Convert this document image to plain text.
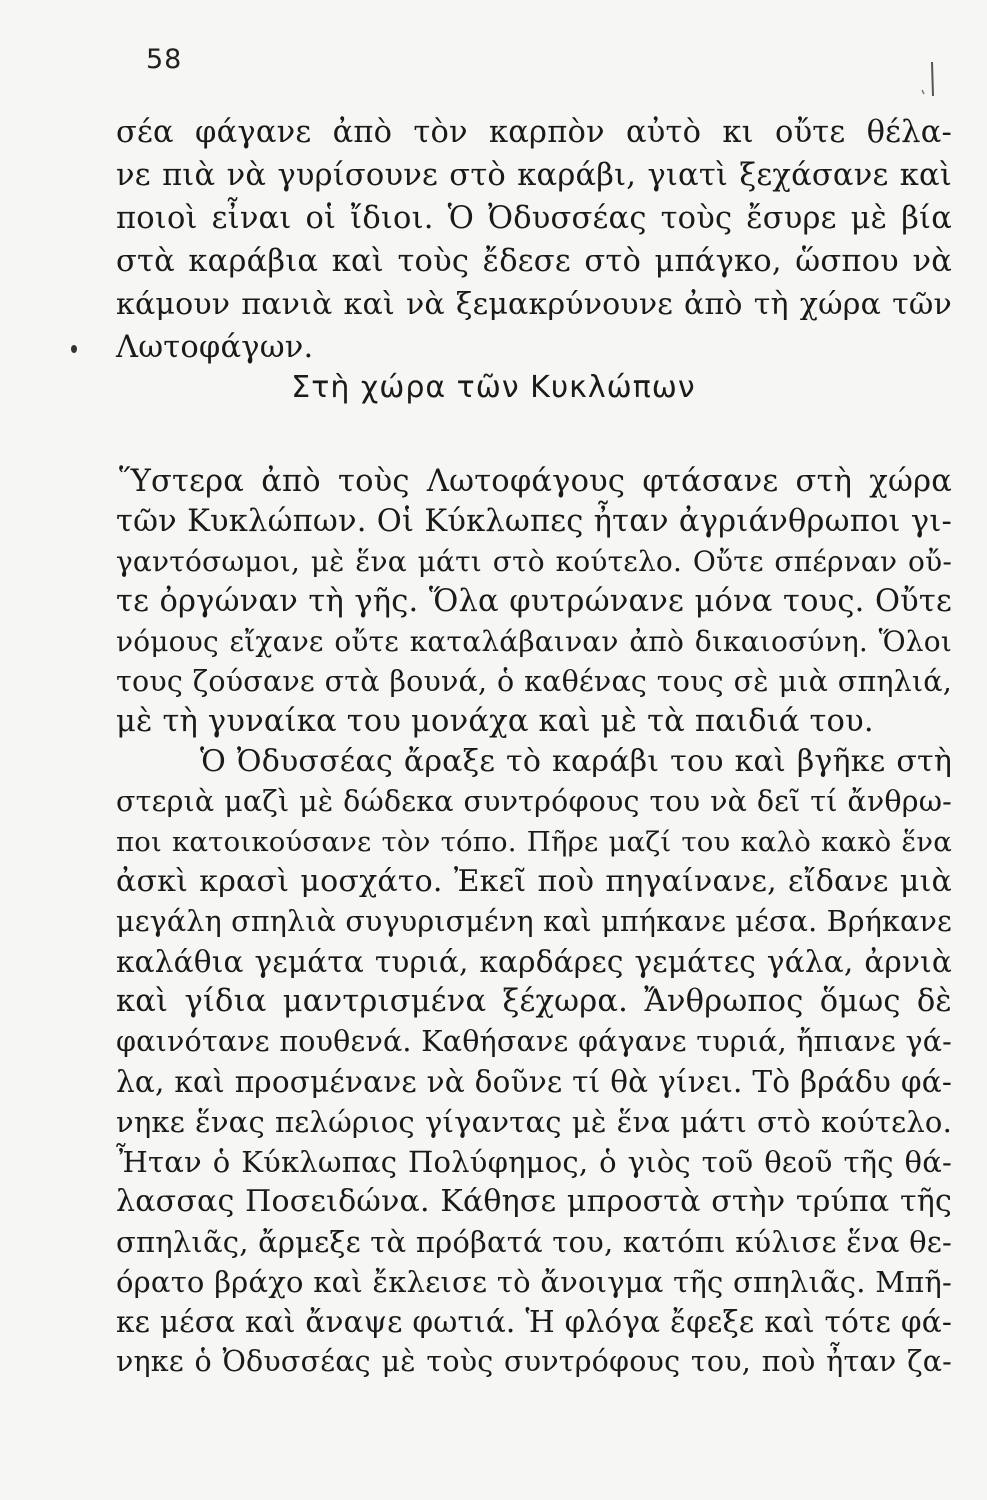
58
σέα φάγανε ἀπὸ τὸν καρπὸν αὐτὸ κι οὔτε θέλα-
νε πιὰ νὰ γυρίσουνε στὸ καράβι, γιατὶ ξεχάσανε καὶ
ποιοὶ εἶναι οἱ ἴδιοι. Ὁ Ὀδυσσέας τοὺς ἔσυρε μὲ βία
στὰ καράβια καὶ τοὺς ἔδεσε στὸ μπάγκο, ὥσπου νὰ
κάμουν πανιὰ καὶ νὰ ξεμακρύνουνε ἀπὸ τὴ χώρα τῶν
Λωτοφάγων.
Στὴ χώρα τῶν Κυκλώπων
Ὕστερα ἀπὸ τοὺς Λωτοφάγους φτάσανε στὴ χώρα
τῶν Κυκλώπων. Οἱ Κύκλωπες ἦταν ἀγριάνθρωποι γι-
γαντόσωμοι, μὲ ἕνα μάτι στὸ κούτελο. Οὔτε σπέρναν οὔ-
τε ὀργώναν τὴ γῆς. Ὅλα φυτρώνανε μόνα τους. Οὔτε
νόμους εἴχανε οὔτε καταλάβαιναν ἀπὸ δικαιοσύνη. Ὅλοι
τους ζούσανε στὰ βουνά, ὁ καθένας τους σὲ μιὰ σπηλιά,
μὲ τὴ γυναίκα του μονάχα καὶ μὲ τὰ παιδιά του.
Ὁ Ὀδυσσέας ἄραξε τὸ καράβι του καὶ βγῆκε στὴ
στεριὰ μαζὶ μὲ δώδεκα συντρόφους του νὰ δεῖ τί ἄνθρω-
ποι κατοικούσανε τὸν τόπο. Πῆρε μαζί του καλὸ κακὸ ἕνα
ἀσκὶ κρασὶ μοσχάτο. Ἐκεῖ ποὺ πηγαίνανε, εἴδανε μιὰ
μεγάλη σπηλιὰ συγυρισμένη καὶ μπήκανε μέσα. Βρήκανε
καλάθια γεμάτα τυριά, καρδάρες γεμάτες γάλα, ἀρνιὰ
καὶ γίδια μαντρισμένα ξέχωρα. Ἄνθρωπος ὅμως δὲ
φαινότανε πουθενά. Καθήσανε φάγανε τυριά, ἤπιανε γά-
λα, καὶ προσμένανε νὰ δοῦνε τί θὰ γίνει. Τὸ βράδυ φά-
νηκε ἕνας πελώριος γίγαντας μὲ ἕνα μάτι στὸ κούτελο.
Ἦταν ὁ Κύκλωπας Πολύφημος, ὁ γιὸς τοῦ θεοῦ τῆς θά-
λασσας Ποσειδώνα. Κάθησε μπροστὰ στὴν τρύπα τῆς
σπηλιᾶς, ἄρμεξε τὰ πρόβατά του, κατόπι κύλισε ἕνα θε-
όρατο βράχο καὶ ἔκλεισε τὸ ἄνοιγμα τῆς σπηλιᾶς. Μπῆ-
κε μέσα καὶ ἄναψε φωτιά. Ἡ φλόγα ἔφεξε καὶ τότε φά-
νηκε ὁ Ὀδυσσέας μὲ τοὺς συντρόφους του, ποὺ ἦταν ζα-
